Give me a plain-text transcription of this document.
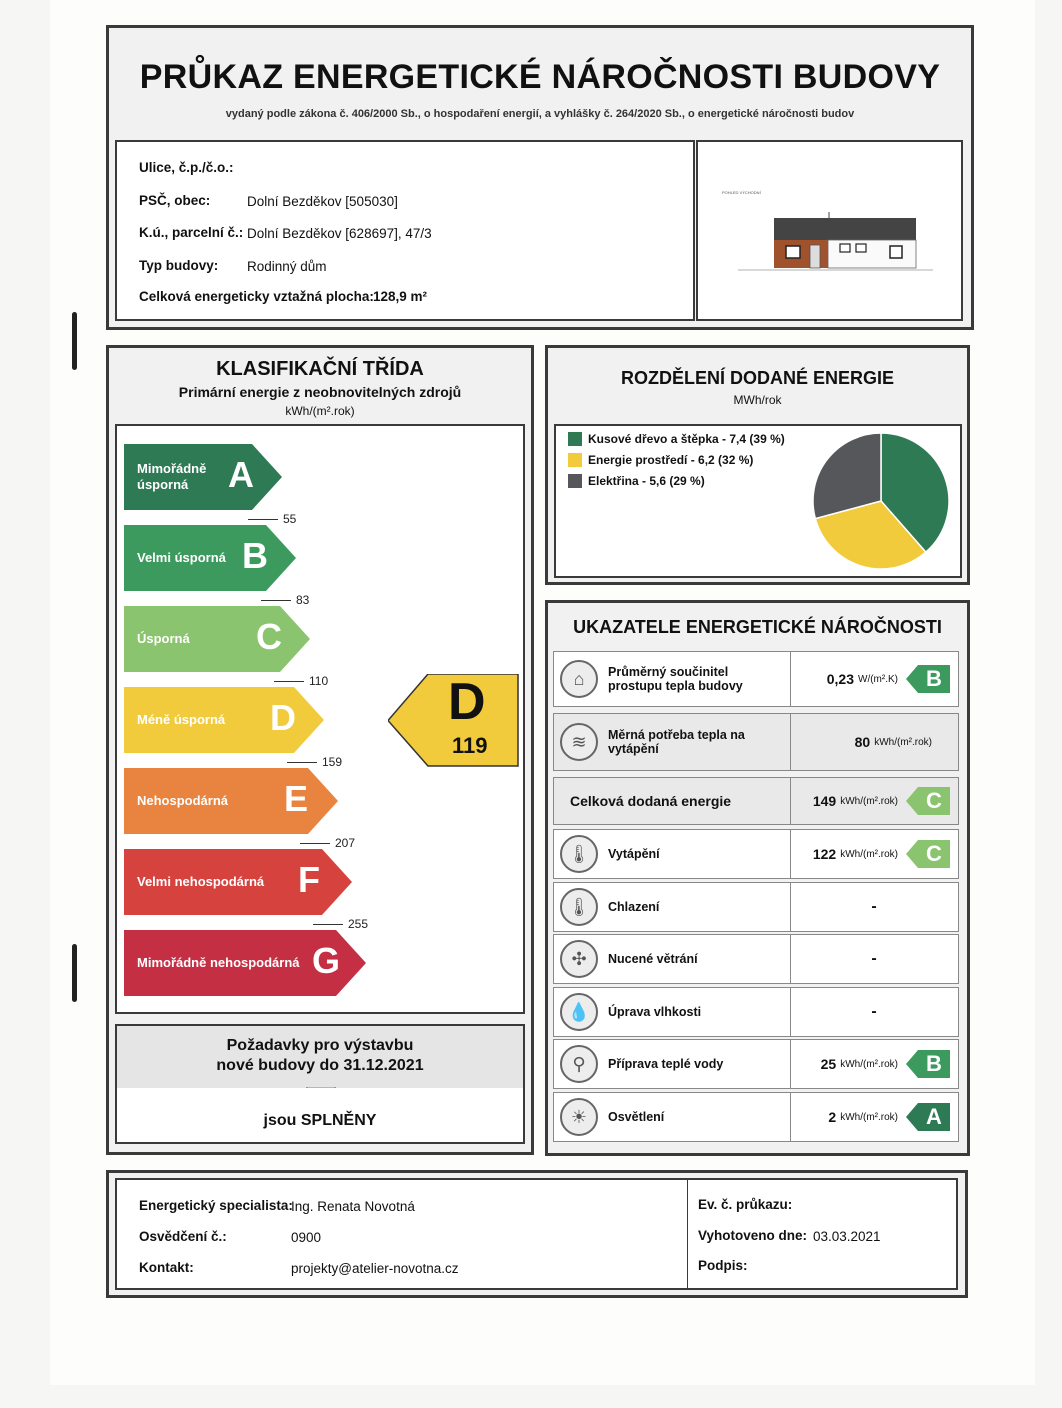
PRŮKAZ ENERGETICKÉ NÁROČNOSTI BUDOVY
vydaný podle zákona č. 406/2000 Sb., o hospodaření energií, a vyhlášky č. 264/2020 Sb., o energetické náročnosti budov
Ulice, č.p./č.o.:
PSČ, obec:	Dolní Bezděkov [505030]
K.ú., parcelní č.: Dolní Bezděkov [628697], 47/3
Typ budovy: Rodinný dům
Celková energeticky vztažná plocha: 128,9 m²
POHLED VÝCHODNÍ
KLASIFIKAČNÍ TŘÍDA
Primární energie z neobnovitelných zdrojů
kWh/(m².rok)
Mimořádně úsporná	A
Velmi úsporná B
Úsporná	C
Méně úsporná	D
Nehospodárná	E
Velmi nehospodárná F
Mimořádně nehospodárná G
55
83
110
159
207
255
D
119
Požadavky pro výstavbu nové budovy do 31.12.2021
jsou SPLNĚNY
ROZDĚLENÍ DODANÉ ENERGIE
MWh/rok
Kusové dřevo a štěpka - 7,4 (39 %)
Energie prostředí - 6,2 (32 %)
Elektřina - 5,6 (29 %)
UKAZATELE ENERGETICKÉ NÁROČNOSTI
⌂	Průměrný součinitel prostupu tepla budovy	0,23 W/(m².K)	B
≋	Měrná potřeba tepla na vytápění	80 kWh/(m².rok)
Celková dodaná energie	149 kWh/(m².rok)	C
🌡	Vytápění	122 kWh/(m².rok)	C
🌡	Chlazení	-
✣	Nucené větrání	-
💧	Úprava vlhkosti	-
⚲	Příprava teplé vody	25 kWh/(m².rok)	B
☀	Osvětlení	2 kWh/(m².rok)	A
Energetický specialista:
Ing. Renata Novotná
Osvědčení č.:	0900
Kontakt:	projekty@atelier-novotna.cz
Ev. č. průkazu:
Vyhotoveno dne: 03.03.2021
Podpis:
